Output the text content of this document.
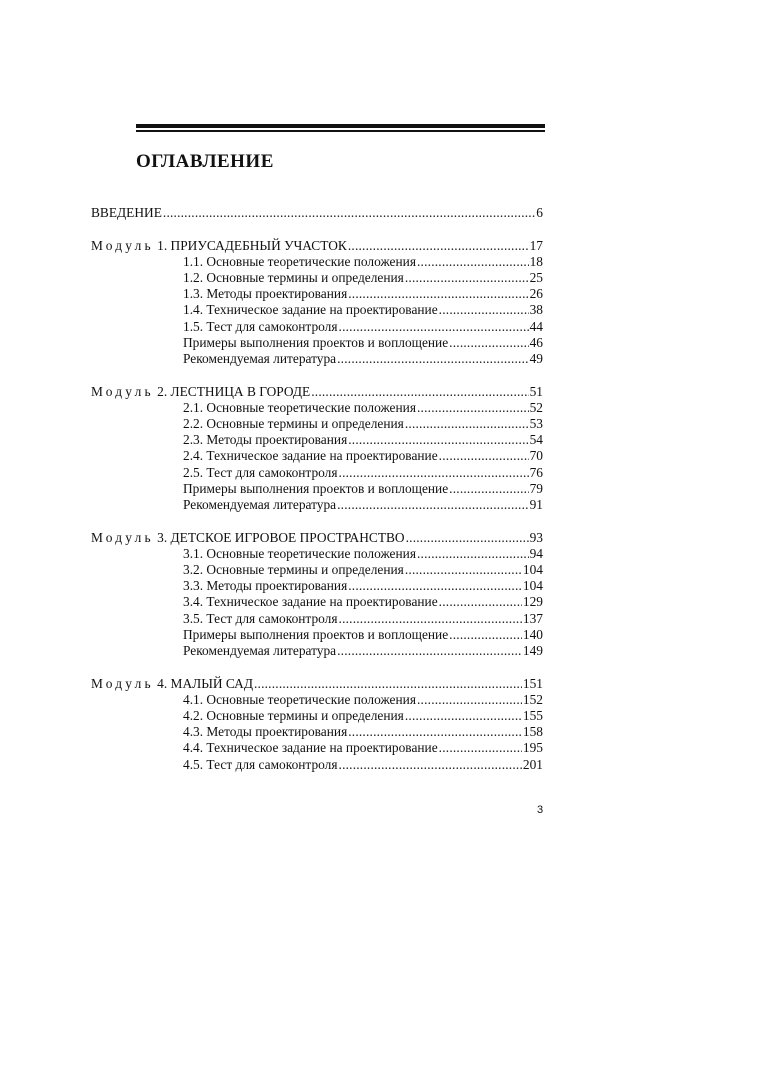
ОГЛАВЛЕНИЕ
ВВЕДЕНИЕ .....	6
Модуль 1. ПРИУСАДЕБНЫЙ УЧАСТОК .....	17
1.1. Основные теоретические положения .....	18
1.2. Основные термины и определения .....	25
1.3. Методы проектирования .....	26
1.4. Техническое задание на проектирование .....	38
1.5. Тест для самоконтроля .....	44
Примеры выполнения проектов и воплощение .....	46
Рекомендуемая литература .....	49
Модуль 2. ЛЕСТНИЦА В ГОРОДЕ .....	51
2.1. Основные теоретические положения .....	52
2.2. Основные термины и определения .....	53
2.3. Методы проектирования .....	54
2.4. Техническое задание на проектирование .....	70
2.5. Тест для самоконтроля .....	76
Примеры выполнения проектов и воплощение .....	79
Рекомендуемая литература .....	91
Модуль 3. ДЕТСКОЕ ИГРОВОЕ ПРОСТРАНСТВО .....	93
3.1. Основные теоретические положения .....	94
3.2. Основные термины и определения .....	104
3.3. Методы проектирования .....	104
3.4. Техническое задание на проектирование .....	129
3.5. Тест для самоконтроля .....	137
Примеры выполнения проектов и воплощение .....	140
Рекомендуемая литература .....	149
Модуль 4. МАЛЫЙ САД .....	151
4.1. Основные теоретические положения .....	152
4.2. Основные термины и определения .....	155
4.3. Методы проектирования .....	158
4.4. Техническое задание на проектирование .....	195
4.5. Тест для самоконтроля .....	201
3
